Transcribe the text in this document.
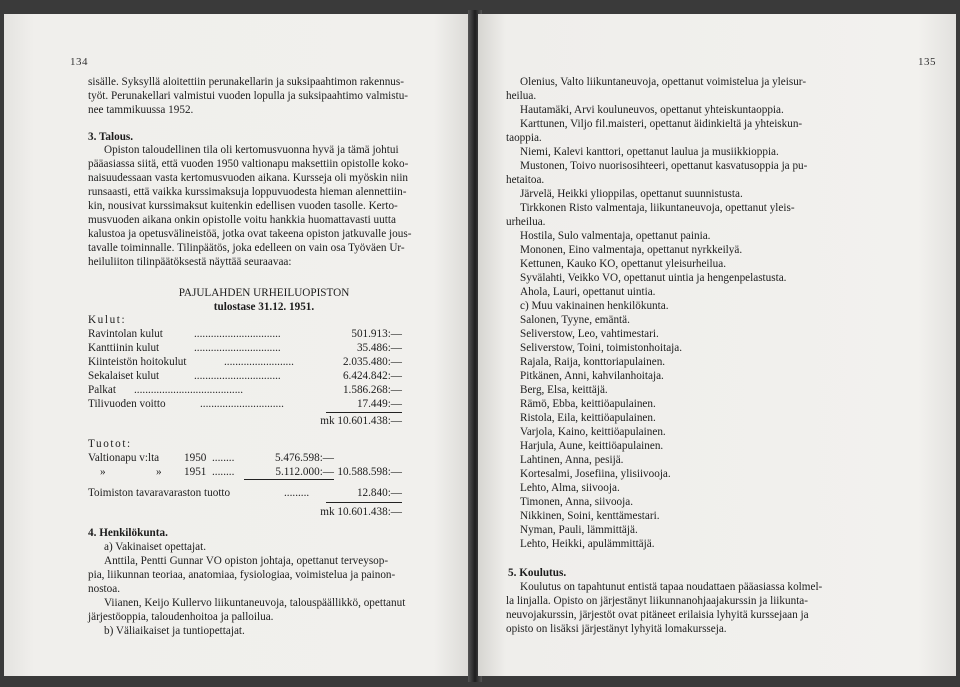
134
sisälle. Syksyllä aloitettiin perunakellarin ja suksipaahtimon rakennus-
työt. Perunakellari valmistui vuoden lopulla ja suksipaahtimo valmistu-
nee tammikuussa 1952.
3. Talous.
Opiston taloudellinen tila oli kertomusvuonna hyvä ja tämä johtui
pääasiassa siitä, että vuoden 1950 valtionapu maksettiin opistolle koko-
naisuudessaan vasta kertomusvuoden aikana. Kursseja oli myöskin niin
runsaasti, että vaikka kurssimaksuja loppuvuodesta hieman alennettiin-
kin, nousivat kurssimaksut kuitenkin edellisen vuoden tasolle. Kerto-
musvuoden aikana onkin opistolle voitu hankkia huomattavasti uutta
kalustoa ja opetusvälineistöä, jotka ovat takeena opiston jatkuvalle jous-
tavalle toiminnalle. Tilinpäätös, joka edelleen on vain osa Työväen Ur-
heiluliiton tilinpäätöksestä näyttää seuraavaa:
PAJULAHDEN URHEILUOPISTON
tulostase 31.12. 1951.
Kulut:
Ravintolan kulut	...............................	501.913:—
Kanttiinin kulut	...............................	35.486:—
Kiinteistön hoitokulut	.........................	2.035.480:—
Sekalaiset kulut	...............................	6.424.842:—
Palkat .......................................	1.586.268:—
Tilivuoden voitto	..............................	17.449:—
mk 10.601.438:—
Tuotot:
Valtionapu v:lta 1950 ........	5.476.598:—
»	» 1951 ........	5.112.000:— 10.588.598:—
Toimiston tavaravaraston tuotto	.........	12.840:—
mk 10.601.438:—
4. Henkilökunta.
a) Vakinaiset opettajat.
Anttila, Pentti Gunnar VO opiston johtaja, opettanut terveysop-
pia, liikunnan teoriaa, anatomiaa, fysiologiaa, voimistelua ja painon-
nostoa.
Viianen, Keijo Kullervo liikuntaneuvoja, talouspäällikkö, opettanut
järjestöoppia, taloudenhoitoa ja palloilua.
b) Väliaikaiset ja tuntiopettajat.
135
Olenius, Valto liikuntaneuvoja, opettanut voimistelua ja yleisur-
heilua.
Hautamäki, Arvi kouluneuvos, opettanut yhteiskuntaoppia.
Karttunen, Viljo fil.maisteri, opettanut äidinkieltä ja yhteiskun-
taoppia.
Niemi, Kalevi kanttori, opettanut laulua ja musiikkioppia.
Mustonen, Toivo nuorisosihteeri, opettanut kasvatusoppia ja pu-
hetaitoa.
Järvelä, Heikki ylioppilas, opettanut suunnistusta.
Tirkkonen Risto valmentaja, liikuntaneuvoja, opettanut yleis-
urheilua.
Hostila, Sulo valmentaja, opettanut painia.
Mononen, Eino valmentaja, opettanut nyrkkeilyä.
Kettunen, Kauko KO, opettanut yleisurheilua.
Syvälahti, Veikko VO, opettanut uintia ja hengenpelastusta.
Ahola, Lauri, opettanut uintia.
c) Muu vakinainen henkilökunta.
Salonen, Tyyne, emäntä.
Seliverstow, Leo, vahtimestari.
Seliverstow, Toini, toimistonhoitaja.
Rajala, Raija, konttoriapulainen.
Pitkänen, Anni, kahvilanhoitaja.
Berg, Elsa, keittäjä.
Rämö, Ebba, keittiöapulainen.
Ristola, Eila, keittiöapulainen.
Varjola, Kaino, keittiöapulainen.
Harjula, Aune, keittiöapulainen.
Lahtinen, Anna, pesijä.
Kortesalmi, Josefiina, ylisiivooja.
Lehto, Alma, siivooja.
Timonen, Anna, siivooja.
Nikkinen, Soini, kenttämestari.
Nyman, Pauli, lämmittäjä.
Lehto, Heikki, apulämmittäjä.
5. Koulutus.
Koulutus on tapahtunut entistä tapaa noudattaen pääasiassa kolmel-
la linjalla. Opisto on järjestänyt liikunnanohjaajakurssin ja liikunta-
neuvojakurssin, järjestöt ovat pitäneet erilaisia lyhyitä kurssejaan ja
opisto on lisäksi järjestänyt lyhyitä lomakursseja.
